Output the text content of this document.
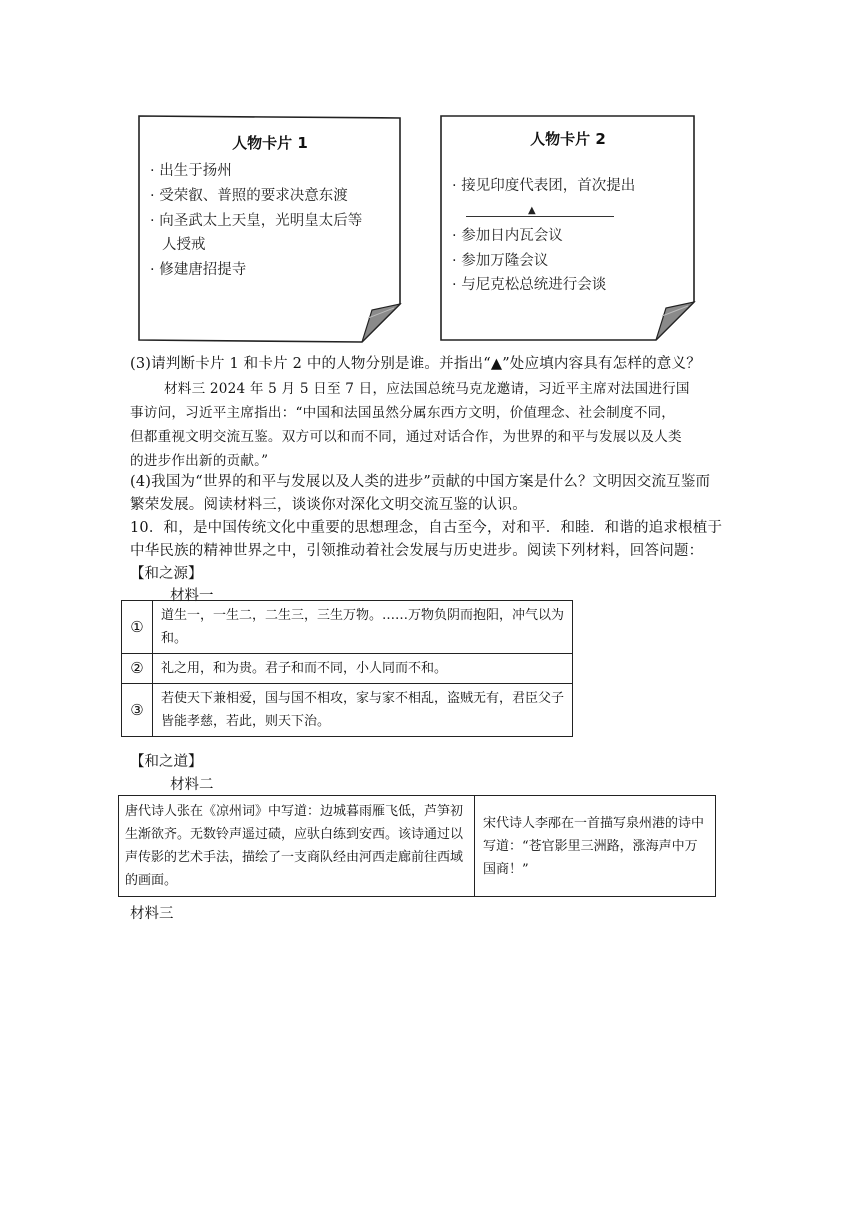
人物卡片 1
· 出生于扬州
· 受荣叡、普照的要求决意东渡
· 向圣武太上天皇，光明皇太后等
人授戒
· 修建唐招提寺
人物卡片 2
· 接见印度代表团，首次提出
▲
· 参加日内瓦会议
· 参加万隆会议
· 与尼克松总统进行会谈
(3)请判断卡片 1 和卡片 2 中的人物分别是谁。并指出“▲”处应填内容具有怎样的意义？
材料三 2024 年 5 月 5 日至 7 日，应法国总统马克龙邀请，习近平主席对法国进行国
事访问，习近平主席指出：“中国和法国虽然分属东西方文明，价值理念、社会制度不同，
但都重视文明交流互鉴。双方可以和而不同，通过对话合作，为世界的和平与发展以及人类
的进步作出新的贡献。”
(4)我国为“世界的和平与发展以及人类的进步”贡献的中国方案是什么？文明因交流互鉴而
繁荣发展。阅读材料三，谈谈你对深化文明交流互鉴的认识。
10．和，是中国传统文化中重要的思想理念，自古至今，对和平．和睦．和谐的追求根植于
中华民族的精神世界之中，引领推动着社会发展与历史进步。阅读下列材料，回答问题：
【和之源】
材料一
①	道生一，一生二，二生三，三生万物。……万物负阴而抱阳，冲气以为和。
②	礼之用，和为贵。君子和而不同，小人同而不和。
③	若使天下兼相爱，国与国不相攻，家与家不相乱，盗贼无有，君臣父子皆能孝慈，若此，则天下治。
【和之道】
材料二
唐代诗人张在《凉州词》中写道：边城暮雨雁飞低，芦笋初生渐欲齐。无数铃声遥过碛，应驮白练到安西。该诗通过以声传影的艺术手法，描绘了一支商队经由河西走廊前往西域的画面。	宋代诗人李邴在一首描写泉州港的诗中写道：“苍官影里三洲路，涨海声中万国商！”
材料三
